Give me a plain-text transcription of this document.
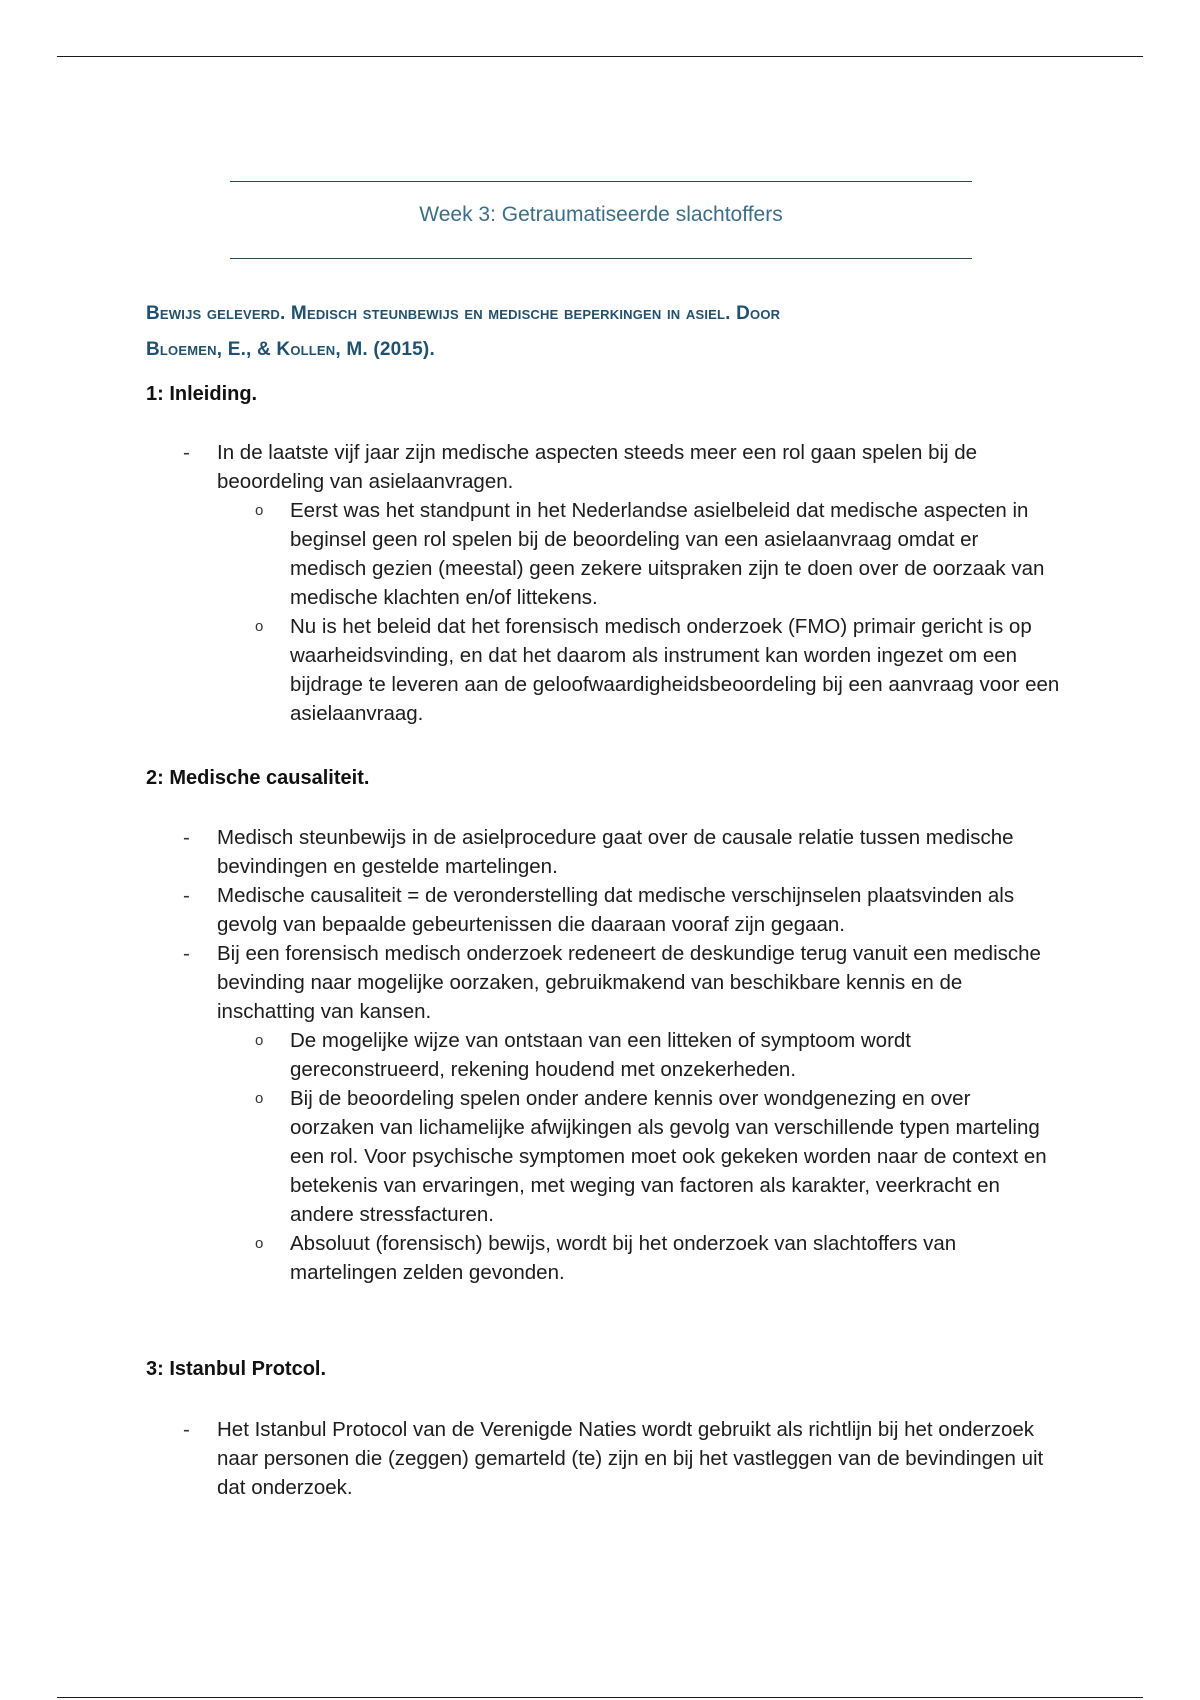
Week 3: Getraumatiseerde slachtoffers
Bewijs geleverd. Medisch steunbewijs en medische beperkingen in asiel. Door
Bloemen, E., & Kollen, M. (2015).
1: Inleiding.
- In de laatste vijf jaar zijn medische aspecten steeds meer een rol gaan spelen bij de beoordeling van asielaanvragen.
o Eerst was het standpunt in het Nederlandse asielbeleid dat medische aspecten in beginsel geen rol spelen bij de beoordeling van een asielaanvraag omdat er medisch gezien (meestal) geen zekere uitspraken zijn te doen over de oorzaak van medische klachten en/of littekens.
o Nu is het beleid dat het forensisch medisch onderzoek (FMO) primair gericht is op waarheidsvinding, en dat het daarom als instrument kan worden ingezet om een bijdrage te leveren aan de geloofwaardigheidsbeoordeling bij een aanvraag voor een asielaanvraag.
2: Medische causaliteit.
- Medisch steunbewijs in de asielprocedure gaat over de causale relatie tussen medische bevindingen en gestelde martelingen.
- Medische causaliteit = de veronderstelling dat medische verschijnselen plaatsvinden als gevolg van bepaalde gebeurtenissen die daaraan vooraf zijn gegaan.
- Bij een forensisch medisch onderzoek redeneert de deskundige terug vanuit een medische bevinding naar mogelijke oorzaken, gebruikmakend van beschikbare kennis en de inschatting van kansen.
o De mogelijke wijze van ontstaan van een litteken of symptoom wordt gereconstrueerd, rekening houdend met onzekerheden.
o Bij de beoordeling spelen onder andere kennis over wondgenezing en over oorzaken van lichamelijke afwijkingen als gevolg van verschillende typen marteling een rol. Voor psychische symptomen moet ook gekeken worden naar de context en betekenis van ervaringen, met weging van factoren als karakter, veerkracht en andere stressfacturen.
o Absoluut (forensisch) bewijs, wordt bij het onderzoek van slachtoffers van martelingen zelden gevonden.
3: Istanbul Protcol.
- Het Istanbul Protocol van de Verenigde Naties wordt gebruikt als richtlijn bij het onderzoek naar personen die (zeggen) gemarteld (te) zijn en bij het vastleggen van de bevindingen uit dat onderzoek.
